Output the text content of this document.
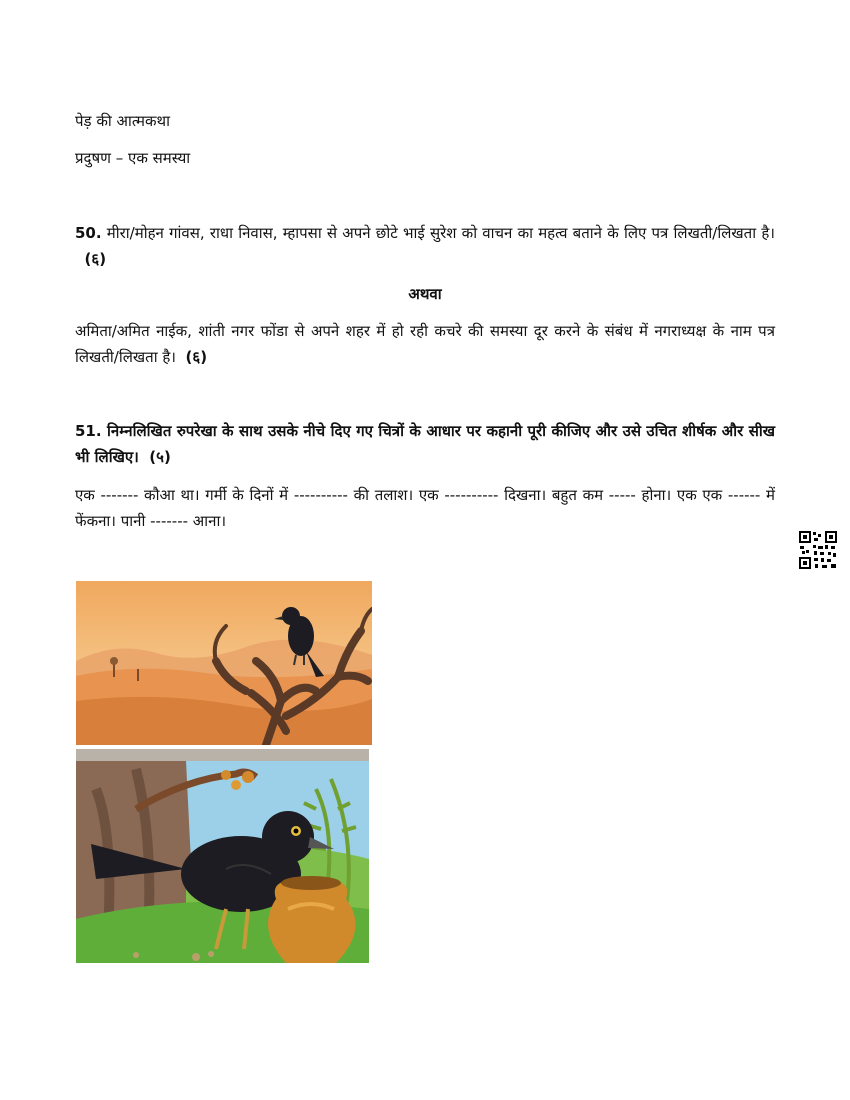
पेड़ की आत्मकथा
प्रदुषण – एक समस्या
50. मीरा/मोहन गांवस, राधा निवास, म्हापसा से अपने छोटे भाई सुरेश को वाचन का महत्व बताने के लिए पत्र लिखती/लिखता है।   (६)
अथवा
अमिता/अमित नाईक, शांती नगर फोंडा से अपने शहर में हो रही कचरे की समस्या दूर करने के संबंध में नगराध्यक्ष के नाम पत्र लिखती/लिखता है। (६)
51. निम्नलिखित रुपरेखा के साथ उसके नीचे दिए गए चित्रों के आधार पर कहानी पूरी कीजिए और उसे उचित शीर्षक और सीख भी लिखिए। (५)
एक ------- कौआ था। गर्मी के दिनों में ---------- की तलाश। एक ---------- दिखना। बहुत कम ----- होना। एक एक ------ में फेंकना। पानी ------- आना।
